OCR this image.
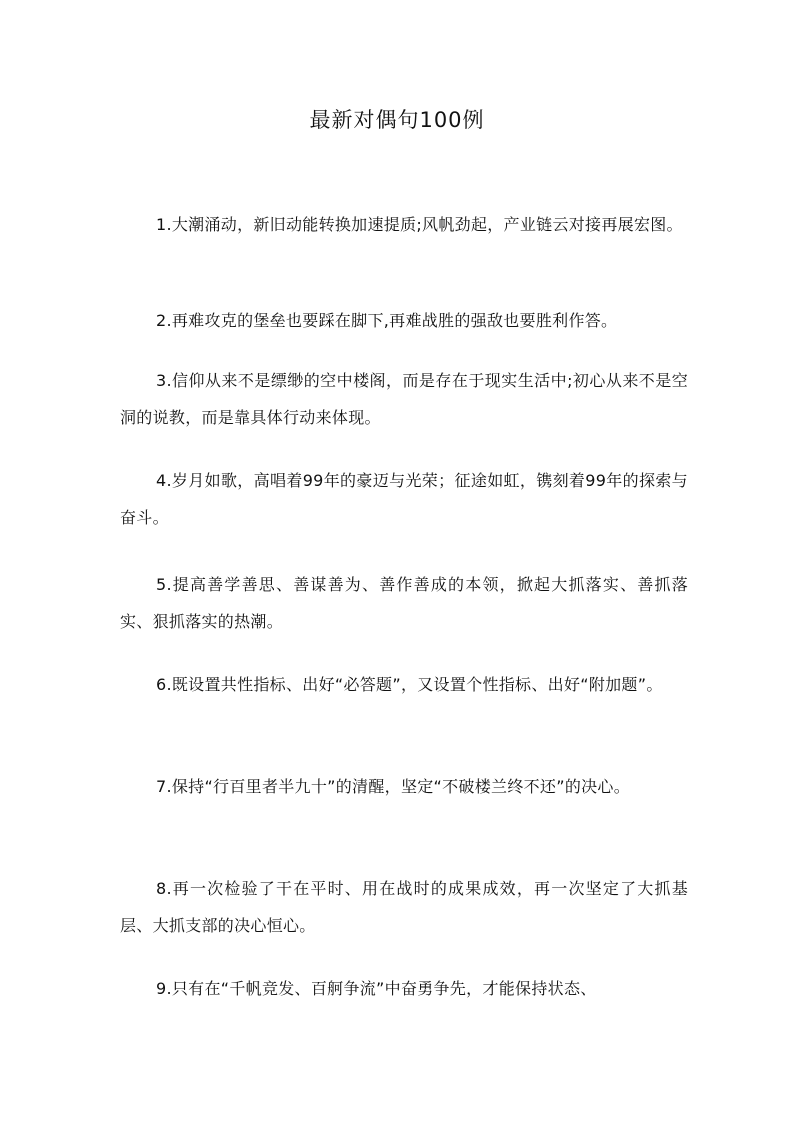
最新对偶句100例

1.大潮涌动，新旧动能转换加速提质;风帆劲起，产业链云对接再展宏图。

2.再难攻克的堡垒也要踩在脚下,再难战胜的强敌也要胜利作答。

3.信仰从来不是缥缈的空中楼阁，而是存在于现实生活中;初心从来不是空洞的说教，而是靠具体行动来体现。

4.岁月如歌，高唱着99年的豪迈与光荣；征途如虹，镌刻着99年的探索与奋斗。

5.提高善学善思、善谋善为、善作善成的本领，掀起大抓落实、善抓落实、狠抓落实的热潮。

6.既设置共性指标、出好“必答题”，又设置个性指标、出好“附加题”。

7.保持“行百里者半九十”的清醒，坚定“不破楼兰终不还”的决心。

8.再一次检验了干在平时、用在战时的成果成效，再一次坚定了大抓基层、大抓支部的决心恒心。

9.只有在“千帆竞发、百舸争流”中奋勇争先，才能保持状态、
